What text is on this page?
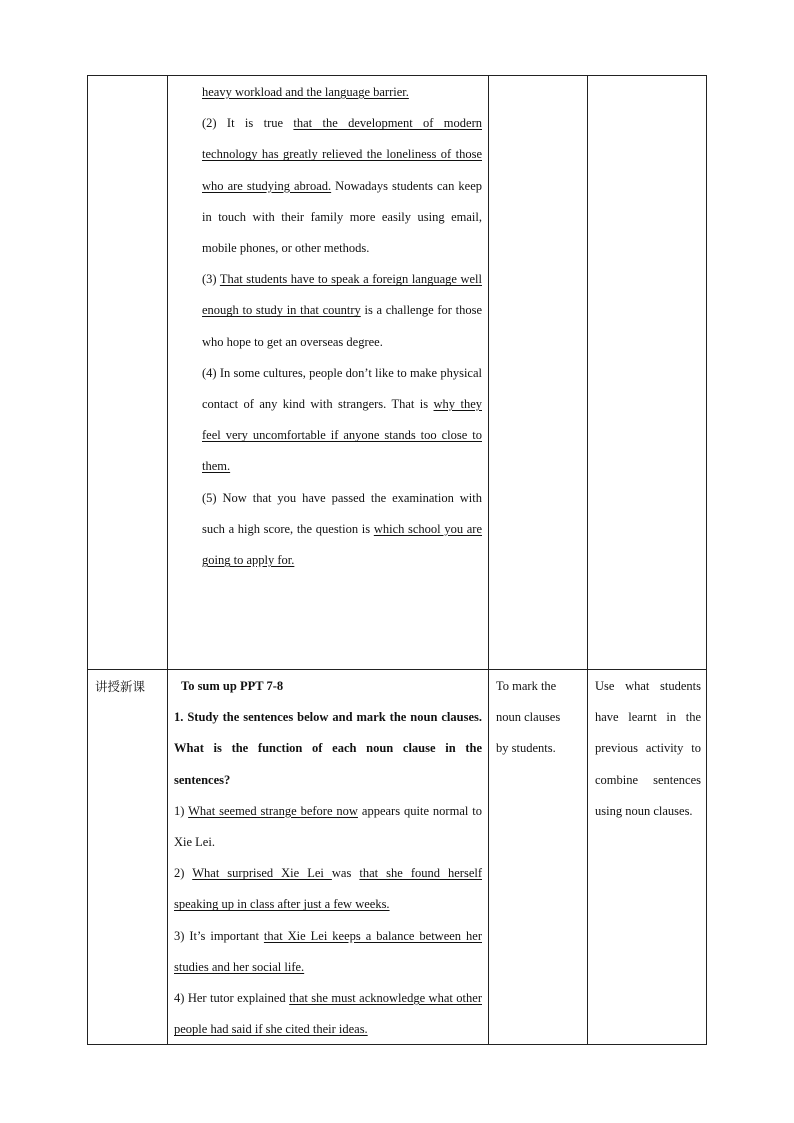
heavy workload and the language barrier.

(2) It is true that the development of modern technology has greatly relieved the loneliness of those who are studying abroad. Nowadays students can keep in touch with their family more easily using email, mobile phones, or other methods.

(3) That students have to speak a foreign language well enough to study in that country is a challenge for those who hope to get an overseas degree.

(4) In some cultures, people don’t like to make physical contact of any kind with strangers. That is why they feel very uncomfortable if anyone stands too close to them.

(5) Now that you have passed the examination with such a high score, the question is which school you are going to apply for.

讲授新课	To sum up PPT 7-8

1. Study the sentences below and mark the noun clauses. What is the function of each noun clause in the sentences?

1) What seemed strange before now appears quite normal to Xie Lei.

2) What surprised Xie Lei was that she found herself speaking up in class after just a few weeks.

3) It’s important that Xie Lei keeps a balance between her studies and her social life.

4) Her tutor explained that she must acknowledge what other people had said if she cited their ideas.

To mark the noun clauses by students.

Use what students have learnt in the previous activity to combine sentences using noun clauses.
